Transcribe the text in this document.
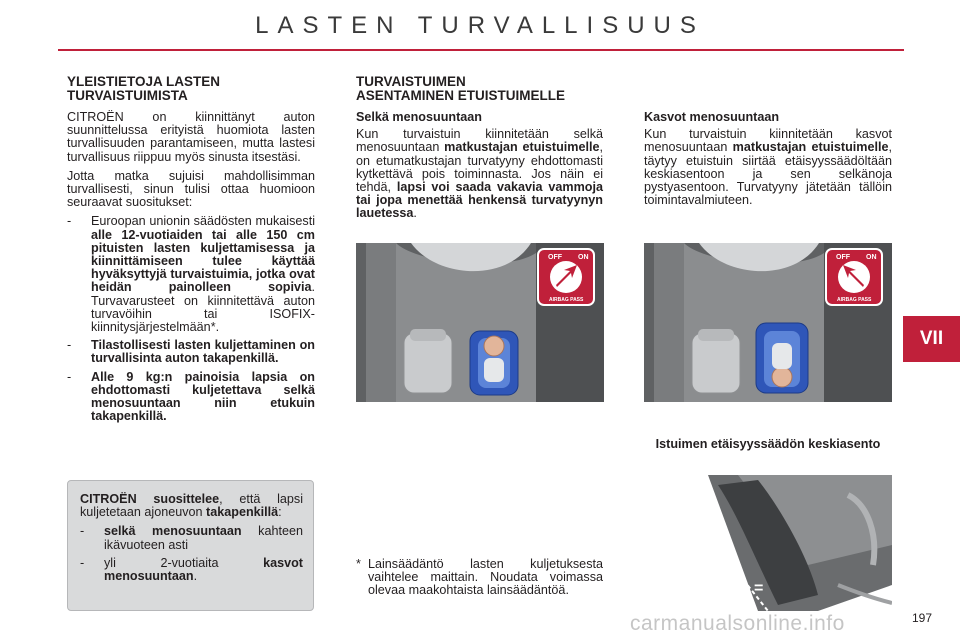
LASTEN TURVALLISUUS
YLEISTIETOJA LASTEN
TURVAISTUIMISTA

CITROËN on kiinnittänyt auton suunnittelussa erityistä huomiota lasten turvallisuuden parantamiseen, mutta lastesi turvallisuus riippuu myös sinusta itsestäsi.

Jotta matka sujuisi mahdollisimman turvallisesti, sinun tulisi ottaa huomioon seuraavat suositukset:

- Euroopan unionin säädösten mukaisesti alle 12-vuotiaiden tai alle 150 cm pituisten lasten kuljettamisessa ja kiinnittämiseen tulee käyttää hyväksyttyjä turvaistuimia, jotka ovat heidän painolleen sopivia. Turvavarusteet on kiinnitettävä auton turvavöihin tai ISOFIX-kiinnitysjärjestelmään*.
- Tilastollisesti lasten kuljettaminen on turvallisinta auton takapenkillä.
- Alle 9 kg:n painoisia lapsia on ehdottomasti kuljetettava selkä menosuuntaan niin etukuin takapenkillä.

CITROËN suosittelee, että lapsi kuljetetaan ajoneuvon takapenkillä:

- selkä menosuuntaan kahteen ikävuoteen asti
- yli 2-vuotiaita kasvot menosuuntaan.
TURVAISTUIMEN
ASENTAMINEN ETUISTUIMELLE

Selkä menosuuntaan

Kun turvaistuin kiinnitetään selkä menosuuntaan matkustajan etuistuimelle, on etumatkustajan turvatyyny ehdottomasti kytkettävä pois toiminnasta. Jos näin ei tehdä, lapsi voi saada vakavia vammoja tai jopa menettää henkensä turvatyynyn lauetessa.

Kasvot menosuuntaan

Kun turvaistuin kiinnitetään kasvot menosuuntaan matkustajan etuistuimelle, täytyy etuistuin siirtää etäisyyssäädöltään keskiasentoon ja sen selkänoja pystyasentoon. Turvatyyny jätetään tällöin toimintavalmiuteen.

OFF ON
AIRBAG PASS
OFF ON
AIRBAG PASS
Istuimen etäisyyssäädön keskiasento
=
=
* Lainsäädäntö lasten kuljetuksesta vaihtelee maittain. Noudata voimassa olevaa maakohtaista lainsäädäntöä.
VII
carmanualsonline.info	197
